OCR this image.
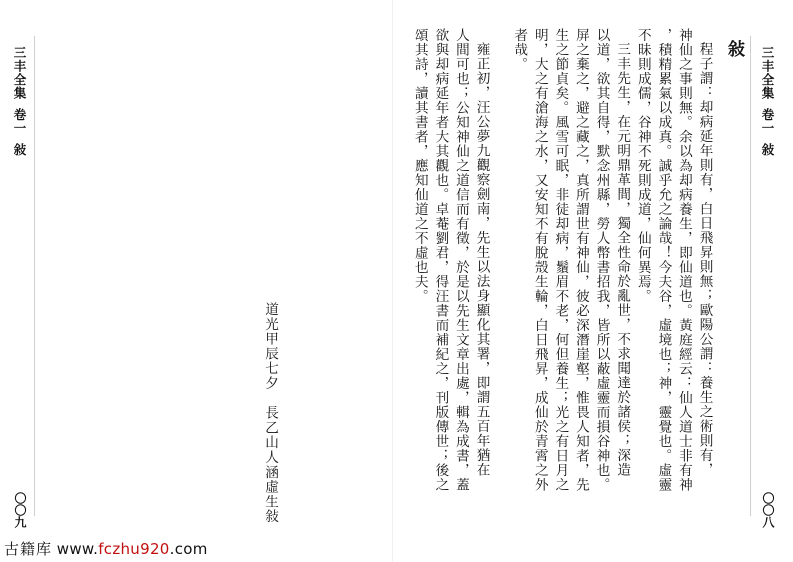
三丰全集卷一敍
〇〇八
敍
程子謂：却病延年則有，白日飛昇則無；歐陽公謂：養生之術則有，
神仙之事則無。余以為却病養生，即仙道也。黃庭經云：仙人道士非有神
，積精累氣以成真。誠乎允之論哉！今夫谷，虛境也；神，靈覺也。虛靈
不昧則成儒，谷神不死則成道，仙何異焉。
三丰先生，在元明鼎革間，獨全性命於亂世，不求聞達於諸侯；深造
以道，欲其自得，默念州縣，勞人幣書招我，皆所以蔽虛靈而損谷神也。
屏之棄之，避之藏之，真所謂世有神仙，彼必深潛崖壑，惟畏人知者，先
生之節貞矣。風雪可眠，非徒却病，鬚眉不老，何但養生；光之有日月之
明，大之有滄海之水，又安知不有脫殼生輪，白日飛昇，成仙於青霄之外
者哉。
雍正初，汪公夢九觀察劍南，先生以法身顯化其署，即謂五百年猶在
人間可也；公知神仙之道信而有徵，於是以先生文章出處，輯為成書，蓋
欲與却病延年者大其觀也。卓菴劉君，得汪書而補紀之，刊版傳世；後之
頌其詩，讀其書者，應知仙道之不虛也夫。
道光甲辰七夕　長乙山人涵虛生敍
三丰全集卷一敍
〇〇九
古籍库 www.fczhu920.com
